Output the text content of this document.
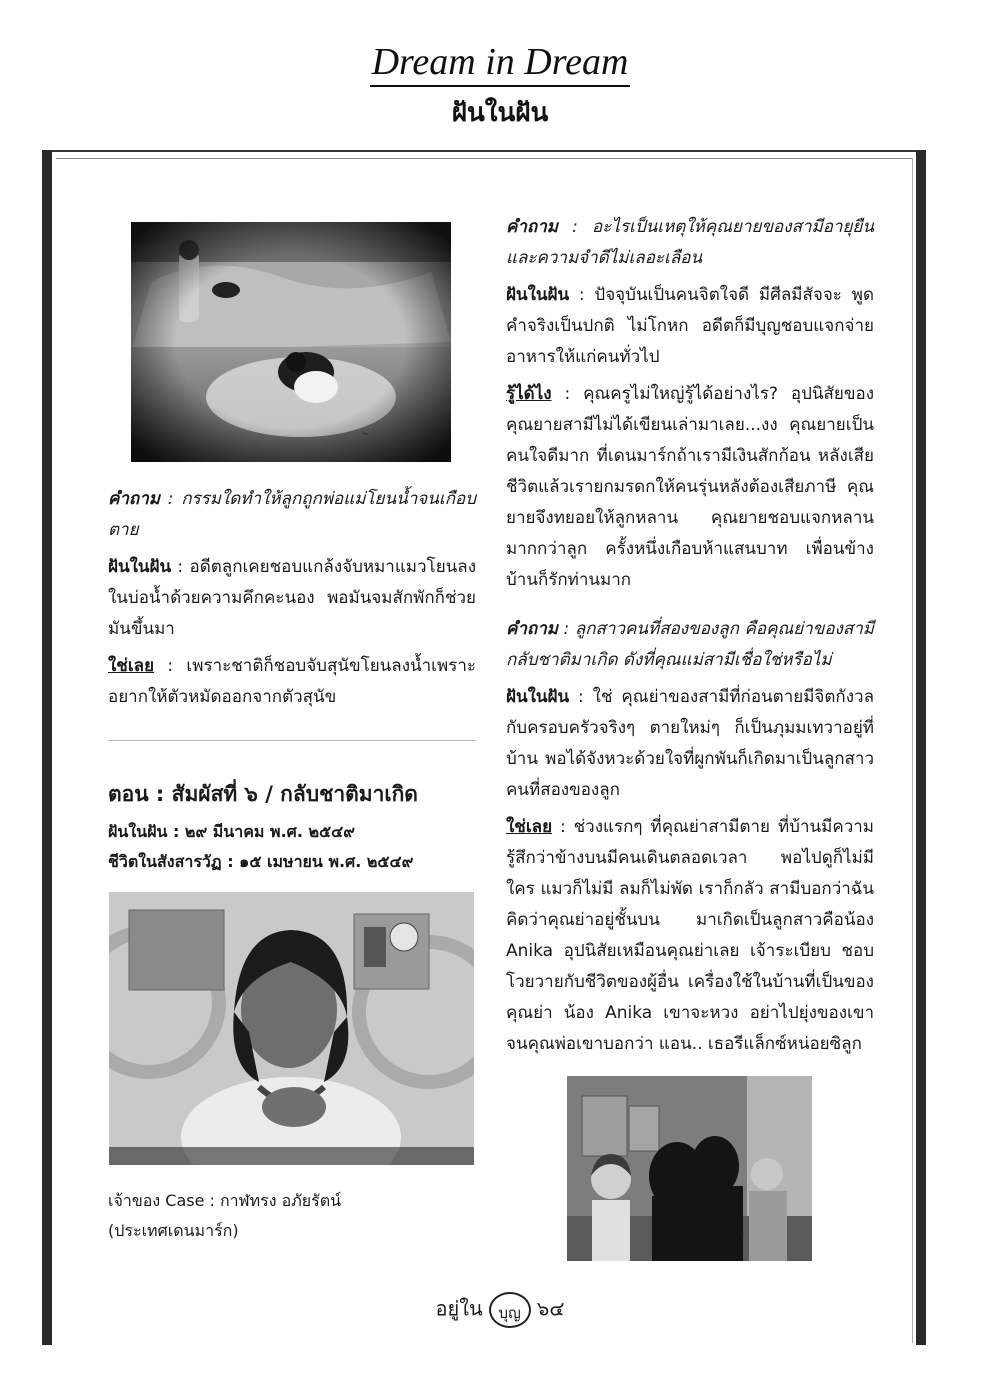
Dream in Dream
ฝันในฝัน
~

คำถาม : กรรมใดทำให้ลูกถูกพ่อแม่โยนน้ำจนเกือบตาย

ฝันในฝัน : อดีตลูกเคยชอบแกล้งจับหมาแมวโยนลงในบ่อน้ำด้วยความคึกคะนอง พอมันจมสักพักก็ช่วยมันขึ้นมา

ใช่เลย : เพราะชาติก็ชอบจับสุนัขโยนลงน้ำเพราะอยากให้ตัวหมัดออกจากตัวสุนัข

ตอน : สัมผัสที่ ๖ / กลับชาติมาเกิด
ฝันในฝัน : ๒๙ มีนาคม พ.ศ. ๒๕๔๙
ชีวิตในสังสารวัฏ : ๑๕ เมษายน พ.ศ. ๒๕๔๙
เจ้าของ Case : กาฬทรง อภัยรัตน์
(ประเทศเดนมาร์ก)

คำถาม : อะไรเป็นเหตุให้คุณยายของสามีอายุยืนและความจำดีไม่เลอะเลือน

ฝันในฝัน : ปัจจุบันเป็นคนจิตใจดี มีศีลมีสัจจะ พูดคำจริงเป็นปกติ ไม่โกหก อดีตก็มีบุญชอบแจกจ่ายอาหารให้แก่คนทั่วไป

รู้ได้ไง : คุณครูไม่ใหญ่รู้ได้อย่างไร? อุปนิสัยของคุณยายสามีไม่ได้เขียนเล่ามาเลย...งง คุณยายเป็นคนใจดีมาก ที่เดนมาร์กถ้าเรามีเงินสักก้อน หลังเสียชีวิตแล้วเรายกมรดกให้คนรุ่นหลังต้องเสียภาษี คุณยายจึงทยอยให้ลูกหลาน คุณยายชอบแจกหลานมากกว่าลูก ครั้งหนึ่งเกือบห้าแสนบาท เพื่อนข้างบ้านก็รักท่านมาก

คำถาม : ลูกสาวคนที่สองของลูก คือคุณย่าของสามีกลับชาติมาเกิด ดังที่คุณแม่สามีเชื่อใช่หรือไม่

ฝันในฝัน : ใช่ คุณย่าของสามีที่ก่อนตายมีจิตกังวลกับครอบครัวจริงๆ ตายใหม่ๆ ก็เป็นภุมมเทวาอยู่ที่บ้าน พอได้จังหวะด้วยใจที่ผูกพันก็เกิดมาเป็นลูกสาวคนที่สองของลูก

ใช่เลย : ช่วงแรกๆ ที่คุณย่าสามีตาย ที่บ้านมีความรู้สึกว่าข้างบนมีคนเดินตลอดเวลา พอไปดูก็ไม่มีใคร แมวก็ไม่มี ลมก็ไม่พัด เราก็กลัว สามีบอกว่าฉันคิดว่าคุณย่าอยู่ชั้นบน มาเกิดเป็นลูกสาวคือน้อง Anika อุปนิสัยเหมือนคุณย่าเลย เจ้าระเบียบ ชอบโวยวายกับชีวิตของผู้อื่น เครื่องใช้ในบ้านที่เป็นของคุณย่า น้อง Anika เขาจะหวง อย่าไปยุ่งของเขา จนคุณพ่อเขาบอกว่า แอน.. เธอรีแล็กซ์หน่อยซิลูก

~
อยู่ใน $_{บุญ}$ ๖๔
